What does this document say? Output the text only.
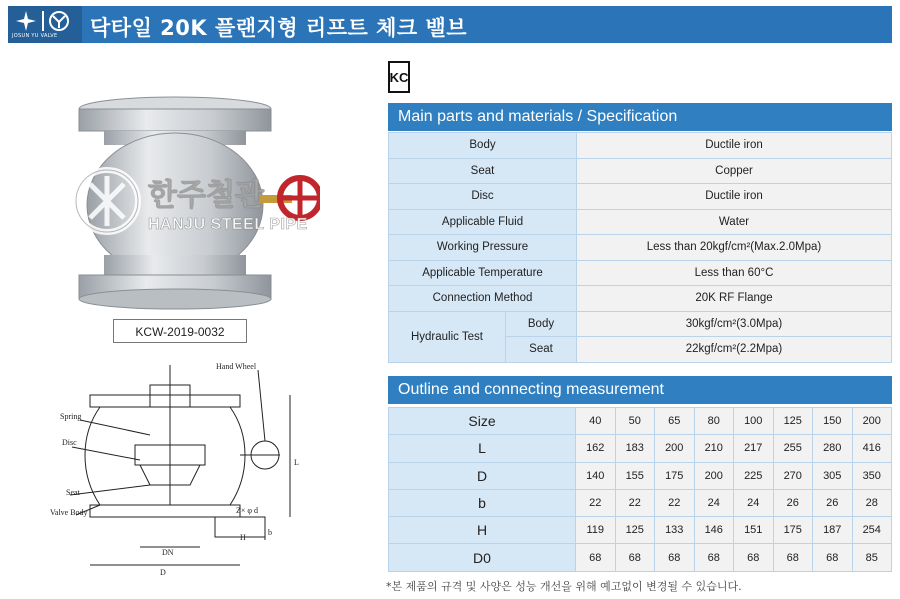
JOSUN YU VALVE	닥타일 20K 플랜지형 리프트 체크 밸브
KC
한주철관
HANJU STEEL PIPE
KCW-2019-0032
Hand Wheel
Spring
Disc
Seat
Valve Body
L
H
b
DN
D
Z× φ d
Main parts and materials / Specification
Body		Ductile iron
Seat		Copper
Disc		Ductile iron
Applicable Fluid		Water
Working Pressure		Less than 20kgf/cm²(Max.2.0Mpa)
Applicable Temperature		Less than 60°C
Connection Method		20K RF Flange
Hydraulic Test	Body	30kgf/cm²(3.0Mpa)
	Seat	22kgf/cm²(2.2Mpa)
Outline and connecting measurement
Size	40	50	65	80	100	125	150	200
L	162	183	200	210	217	255	280	416
D	140	155	175	200	225	270	305	350
b	22	22	22	24	24	26	26	28
H	119	125	133	146	151	175	187	254
D0	68	68	68	68	68	68	68	85
*본 제품의 규격 및 사양은 성능 개선을 위해 예고없이 변경될 수 있습니다.
